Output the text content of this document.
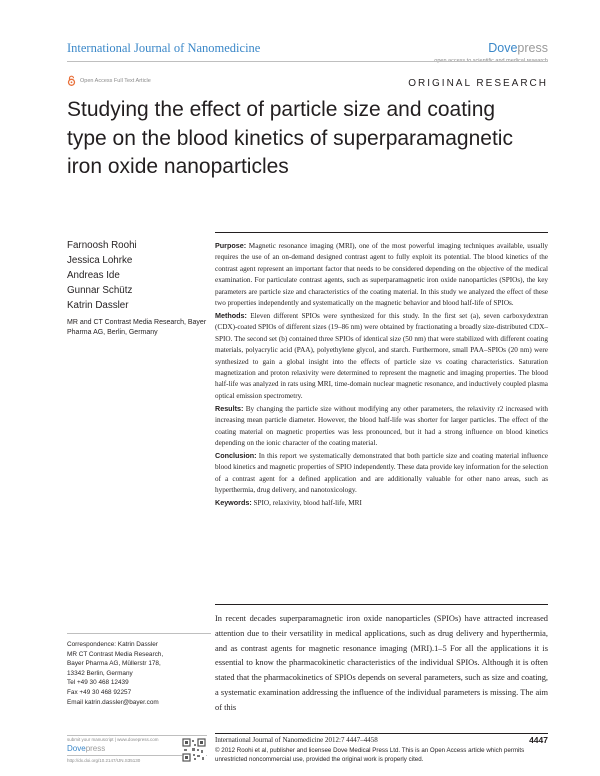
International Journal of Nanomedicine	Dovepress
open access to scientific and medical research
Open Access Full Text Article	ORIGINAL RESEARCH
Studying the effect of particle size and coating type on the blood kinetics of superparamagnetic iron oxide nanoparticles
Farnoosh Roohi
Jessica Lohrke
Andreas Ide
Gunnar Schütz
Katrin Dassler
MR and CT Contrast Media Research, Bayer Pharma AG, Berlin, Germany

Purpose: Magnetic resonance imaging (MRI), one of the most powerful imaging techniques available, usually requires the use of an on-demand designed contrast agent to fully exploit its potential. The blood kinetics of the contrast agent represent an important factor that needs to be considered depending on the objective of the medical examination. For particulate contrast agents, such as superparamagnetic iron oxide nanoparticles (SPIOs), the key parameters are particle size and characteristics of the coating material. In this study we analyzed the effect of these two properties independently and systematically on the magnetic behavior and blood half-life of SPIOs.

Methods: Eleven different SPIOs were synthesized for this study. In the first set (a), seven carboxydextran (CDX)-coated SPIOs of different sizes (19–86 nm) were obtained by fractionating a broadly size-distributed CDX–SPIO. The second set (b) contained three SPIOs of identical size (50 nm) that were stabilized with different coating materials, polyacrylic acid (PAA), polyethylene glycol, and starch. Furthermore, small PAA–SPIOs (20 nm) were synthesized to gain a global insight into the effects of particle size vs coating characteristics. Saturation magnetization and proton relaxivity were determined to represent the magnetic and imaging properties. The blood half-life was analyzed in rats using MRI, time-domain nuclear magnetic resonance, and inductively coupled plasma optical emission spectrometry.

Results: By changing the particle size without modifying any other parameters, the relaxivity r2 increased with increasing mean particle diameter. However, the blood half-life was shorter for larger particles. The effect of the coating material on magnetic properties was less pronounced, but it had a strong influence on blood kinetics depending on the ionic character of the coating material.

Conclusion: In this report we systematically demonstrated that both particle size and coating material influence blood kinetics and magnetic properties of SPIO independently. These data provide key information for the selection of a contrast agent for a defined application and are additionally valuable for other nano areas, such as hyperthermia, drug delivery, and nanotoxicology.

Keywords: SPIO, relaxivity, blood half-life, MRI

In recent decades superparamagnetic iron oxide nanoparticles (SPIOs) have attracted increased attention due to their versatility in medical applications, such as drug delivery and hyperthermia, and as contrast agents for magnetic resonance imaging (MRI).1–5 For all the applications it is essential to know the pharmacokinetic characteristics of the individual SPIOs. Although it is often stated that the pharmacokinetics of SPIOs depends on several parameters, such as size and coating, a systematic examination addressing the influence of the individual parameters is missing. The aim of this

Correspondence: Katrin Dassler
MR CT Contrast Media Research,
Bayer Pharma AG, Müllerstr 178,
13342 Berlin, Germany
Tel +49 30 468 12439
Fax +49 30 468 92257
Email katrin.dassler@bayer.com
submit your manuscript | www.dovepress.com
Dovepress
http://dx.doi.org/10.2147/IJN.S35130
International Journal of Nanomedicine 2012:7 4447–4458	4447
© 2012 Roohi et al, publisher and licensee Dove Medical Press Ltd. This is an Open Access article which permits unrestricted noncommercial use, provided the original work is properly cited.
